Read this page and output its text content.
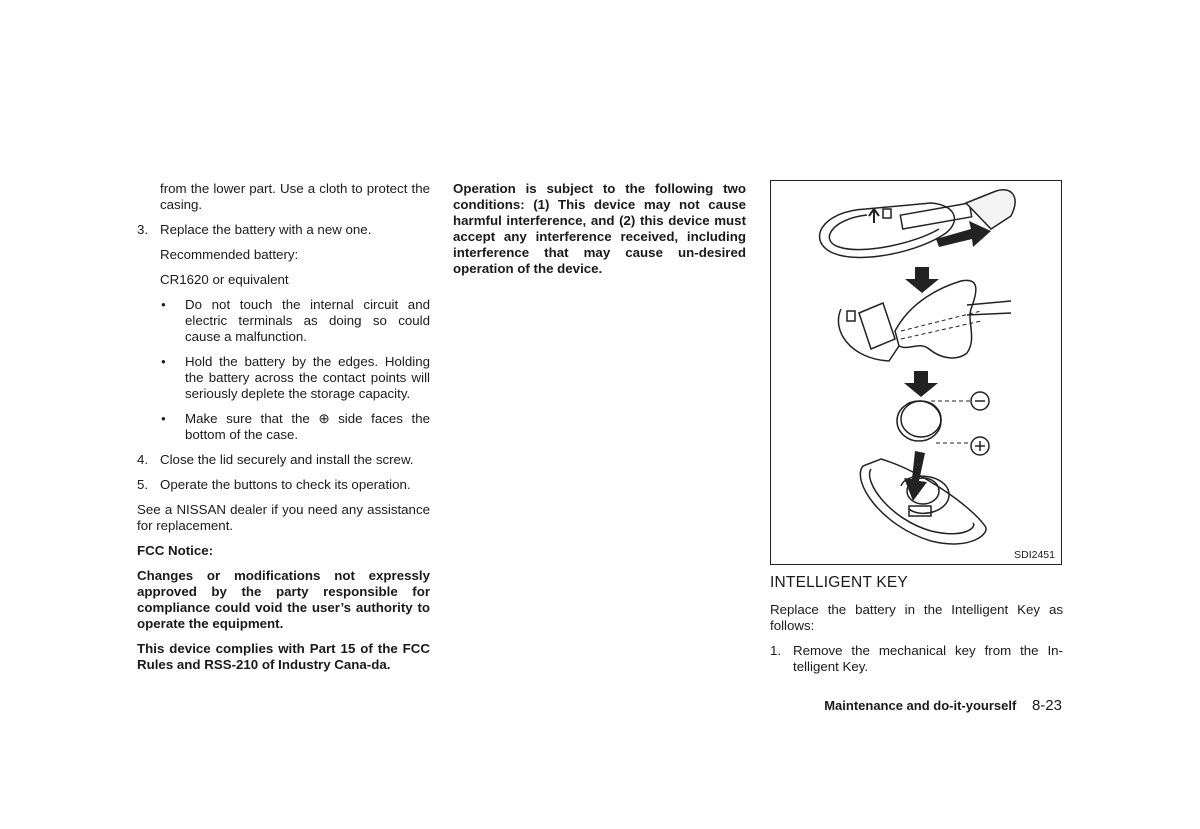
from the lower part. Use a cloth to protect the casing.

3. Replace the battery with a new one.

Recommended battery:

CR1620 or equivalent

● Do not touch the internal circuit and electric terminals as doing so could cause a malfunction.
● Hold the battery by the edges. Holding the battery across the contact points will seriously deplete the storage capacity.
● Make sure that the ⊕ side faces the bottom of the case.
4. Close the lid securely and install the screw.
5. Operate the buttons to check its operation.

See a NISSAN dealer if you need any assistance for replacement.

FCC Notice:

Changes or modifications not expressly approved by the party responsible for compliance could void the user’s authority to operate the equipment.

This device complies with Part 15 of the FCC Rules and RSS-210 of Industry Cana-da.

Operation is subject to the following two conditions: (1) This device may not cause harmful interference, and (2) this device must accept any interference received, including interference that may cause un-desired operation of the device.

SDI2451
INTELLIGENT KEY

Replace the battery in the Intelligent Key as follows:

1. Remove the mechanical key from the In-telligent Key.
Maintenance and do-it-yourself 8-23
